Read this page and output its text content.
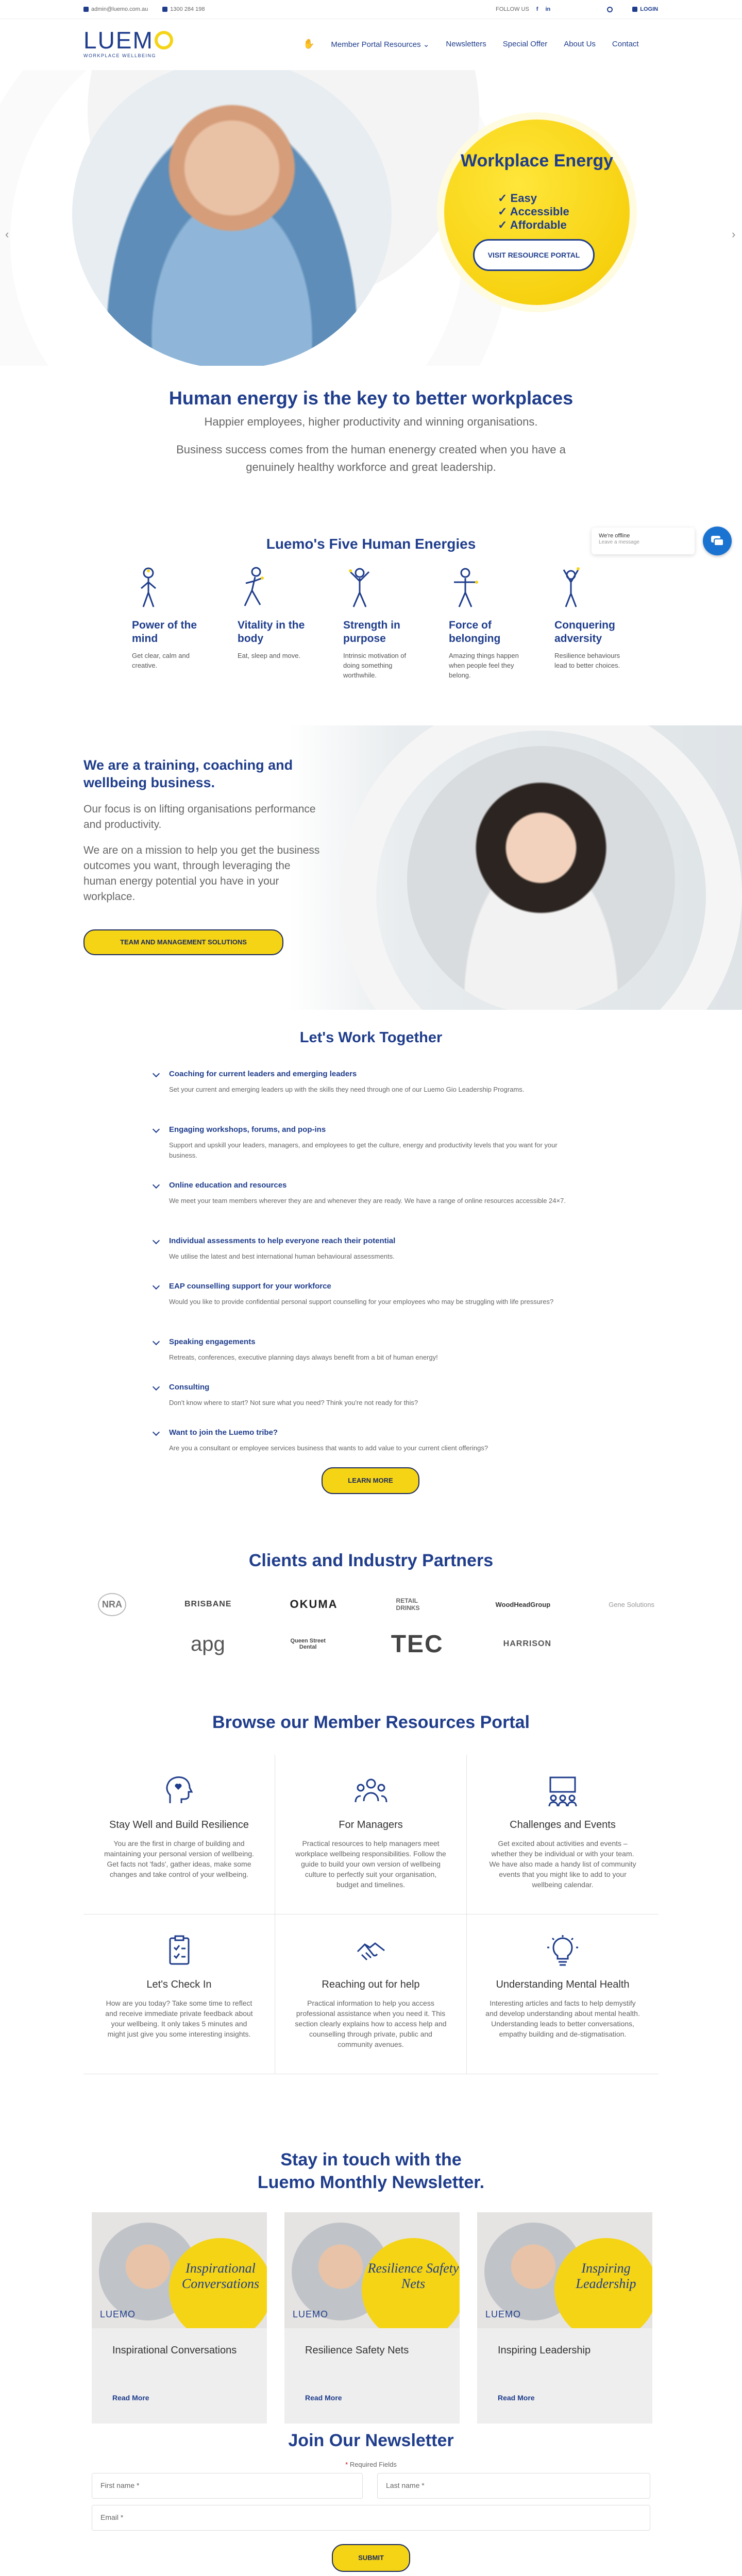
admin@luemo.com.au	1300 284 198	FOLLOW US f in	LOGIN
LUEM
WORKPLACE WELLBEING
✋ Member Portal Resources ⌄ Newsletters Special Offer About Us Contact
Workplace Energy
✓ Easy
✓ Accessible
✓ Affordable
VISIT RESOURCE PORTAL
‹	›
Human energy is the key to better workplaces
Happier employees, higher productivity and winning organisations.
Business success comes from the human enenergy created when you have a genuinely healthy workforce and great leadership.
Luemo's Five Human Energies
Power of the mind

Get clear, calm and creative.

Vitality in the body

Eat, sleep and move.

Strength in purpose

Intrinsic motivation of doing something worthwhile.

Force of belonging

Amazing things happen when people feel they belong.

Conquering adversity

Resilience behaviours lead to better choices.

We're offline
Leave a message
We are a training, coaching and wellbeing business.

Our focus is on lifting organisations performance and productivity.

We are on a mission to help you get the business outcomes you want, through leveraging the human energy potential you have in your workplace.

TEAM AND MANAGEMENT SOLUTIONS
Let's Work Together
Coaching for current leaders and emerging leaders
Set your current and emerging leaders up with the skills they need through one of our Luemo Gio Leadership Programs.
Engaging workshops, forums, and pop-ins
Support and upskill your leaders, managers, and employees to get the culture, energy and productivity levels that you want for your business.
Online education and resources
We meet your team members wherever they are and whenever they are ready. We have a range of online resources accessible 24×7.
Individual assessments to help everyone reach their potential
We utilise the latest and best international human behavioural assessments.
EAP counselling support for your workforce
Would you like to provide confidential personal support counselling for your employees who may be struggling with life pressures?
Speaking engagements
Retreats, conferences, executive planning days always benefit from a bit of human energy!
Consulting
Don't know where to start? Not sure what you need? Think you're not ready for this?
Want to join the Luemo tribe?
Are you a consultant or employee services business that wants to add value to your current client offerings?
LEARN MORE
Clients and Industry Partners
NRA	BRISBANE	OKUMA	RETAIL DRINKS	WoodHeadGroup	Gene Solutions
apg	Queen Street Dental	TEC	HARRISON
Browse our Member Resources Portal
Stay Well and Build Resilience

You are the first in charge of building and maintaining your personal version of wellbeing. Get facts not 'fads', gather ideas, make some changes and take control of your wellbeing.

For Managers

Practical resources to help managers meet workplace wellbeing responsibilities. Follow the guide to build your own version of wellbeing culture to perfectly suit your organisation, budget and timelines.

Challenges and Events

Get excited about activities and events – whether they be individual or with your team. We have also made a handy list of community events that you might like to add to your wellbeing calendar.

Let's Check In

How are you today? Take some time to reflect and receive immediate private feedback about your wellbeing. It only takes 5 minutes and might just give you some interesting insights.

Reaching out for help

Practical information to help you access professional assistance when you need it. This section clearly explains how to access help and counselling through private, public and community avenues.

Understanding Mental Health

Interesting articles and facts to help demystify and develop understanding about mental health. Understanding leads to better conversations, empathy building and de-stigmatisation.

Stay in touch with the
Luemo Monthly Newsletter.
Inspirational Conversations
LUEMO
Inspirational Conversations
Read More
Resilience Safety Nets
LUEMO
Resilience Safety Nets
Read More
Inspiring Leadership
LUEMO
Inspiring Leadership
Read More
Join Our Newsletter
* Required Fields
First name *	Last name *
Email *
SUBMIT
